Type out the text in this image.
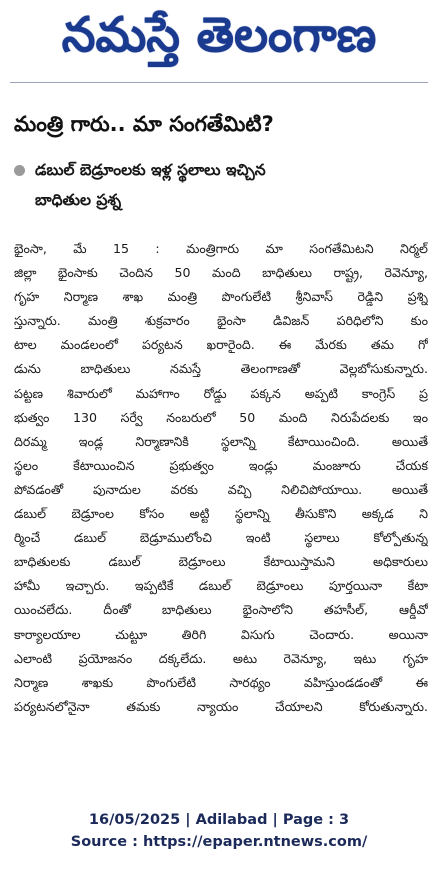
నమస్తే తెలంగాణ
మంత్రి గారు.. మా సంగతేమిటి?
డబుల్ బెడ్రూంలకు ఇళ్ల స్థలాలు ఇచ్చిన
బాధితుల ప్రశ్న
భైంసా, మే 15 : మంత్రిగారు మా సంగతేమిటని నిర్మల్
జిల్లా భైంసాకు చెందిన 50 మంది బాధితులు రాష్ట్ర, రెవెన్యూ,
గృహ నిర్మాణ శాఖ మంత్రి పొంగులేటి శ్రీనివాస్ రెడ్డిని ప్రశ్ని
స్తున్నారు. మంత్రి శుక్రవారం భైంసా డివిజన్ పరిధిలోని కుం
టాల మండలంలో పర్యటన ఖరారైంది. ఈ మేరకు తమ గో
డును బాధితులు నమస్తే తెలంగాణతో వెల్లబోసుకున్నారు.
పట్టణ శివారులో మహాగాం రోడ్డు పక్కన అప్పటి కాంగ్రెస్ ప్ర
భుత్వం 130 సర్వే నంబరులో 50 మంది నిరుపేదలకు ఇం
దిరమ్మ ఇండ్ల నిర్మాణానికి స్థలాన్ని కేటాయించింది. అయితే
స్థలం కేటాయించిన ప్రభుత్వం ఇండ్లు మంజూరు చేయక
పోవడంతో పునాదుల వరకు వచ్చి నిలిచిపోయాయి. అయితే
డబుల్ బెడ్రూంల కోసం అట్టి స్థలాన్ని తీసుకొని అక్కడ ని
ర్మించే డబుల్ బెడ్రూములోంచి ఇంటి స్థలాలు కోల్పోతున్న
బాధితులకు డబుల్ బెడ్రూంలు కేటాయిస్తామని అధికారులు
హామీ ఇచ్చారు. ఇప్పటికే డబుల్ బెడ్రూంలు పూర్తయినా కేటా
యించలేదు. దీంతో బాధితులు భైంసాలోని తహసీల్, ఆర్డీవో
కార్యాలయాల చుట్టూ తిరిగి విసుగు చెందారు. అయినా
ఎలాంటి ప్రయోజనం దక్కలేదు. అటు రెవెన్యూ, ఇటు గృహ
నిర్మాణ శాఖకు పొంగులేటి సారథ్యం వహిస్తుండడంతో ఈ
పర్యటనలోనైనా తమకు న్యాయం చేయాలని కోరుతున్నారు.
16/05/2025 | Adilabad | Page : 3
Source : https://epaper.ntnews.com/
